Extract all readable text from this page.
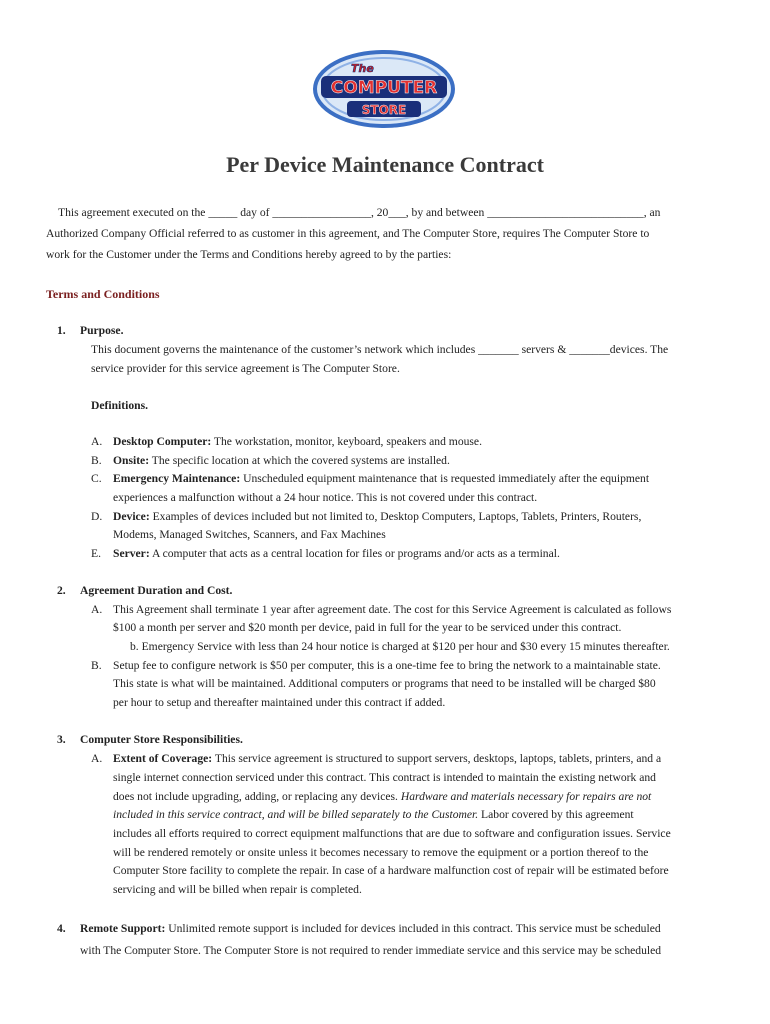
The
COMPUTER
STORE
Per Device Maintenance Contract
This agreement executed on the _____ day of _________________, 20___, by and between ___________________________, an
Authorized Company Official referred to as customer in this agreement, and The Computer Store, requires The Computer Store to
work for the Customer under the Terms and Conditions hereby agreed to by the parties:
Terms and Conditions
1. Purpose.
This document governs the maintenance of the customer’s network which includes _______ servers & _______devices. The
service provider for this service agreement is The Computer Store.
Definitions.
A. Desktop Computer: The workstation, monitor, keyboard, speakers and mouse.
B. Onsite: The specific location at which the covered systems are installed.
C. Emergency Maintenance: Unscheduled equipment maintenance that is requested immediately after the equipment
experiences a malfunction without a 24 hour notice. This is not covered under this contract.
D. Device: Examples of devices included but not limited to, Desktop Computers, Laptops, Tablets, Printers, Routers,
Modems, Managed Switches, Scanners, and Fax Machines
E. Server: A computer that acts as a central location for files or programs and/or acts as a terminal.
2. Agreement Duration and Cost.
A. This Agreement shall terminate 1 year after agreement date. The cost for this Service Agreement is calculated as follows
$100 a month per server and $20 month per device, paid in full for the year to be serviced under this contract.
b. Emergency Service with less than 24 hour notice is charged at $120 per hour and $30 every 15 minutes thereafter.
B. Setup fee to configure network is $50 per computer, this is a one-time fee to bring the network to a maintainable state.
This state is what will be maintained. Additional computers or programs that need to be installed will be charged $80
per hour to setup and thereafter maintained under this contract if added.
3. Computer Store Responsibilities.
A. Extent of Coverage: This service agreement is structured to support servers, desktops, laptops, tablets, printers, and a
single internet connection serviced under this contract. This contract is intended to maintain the existing network and
does not include upgrading, adding, or replacing any devices. Hardware and materials necessary for repairs are not
included in this service contract, and will be billed separately to the Customer. Labor covered by this agreement
includes all efforts required to correct equipment malfunctions that are due to software and configuration issues. Service
will be rendered remotely or onsite unless it becomes necessary to remove the equipment or a portion thereof to the
Computer Store facility to complete the repair. In case of a hardware malfunction cost of repair will be estimated before
servicing and will be billed when repair is completed.
4. Remote Support: Unlimited remote support is included for devices included in this contract. This service must be scheduled
with The Computer Store. The Computer Store is not required to render immediate service and this service may be scheduled
